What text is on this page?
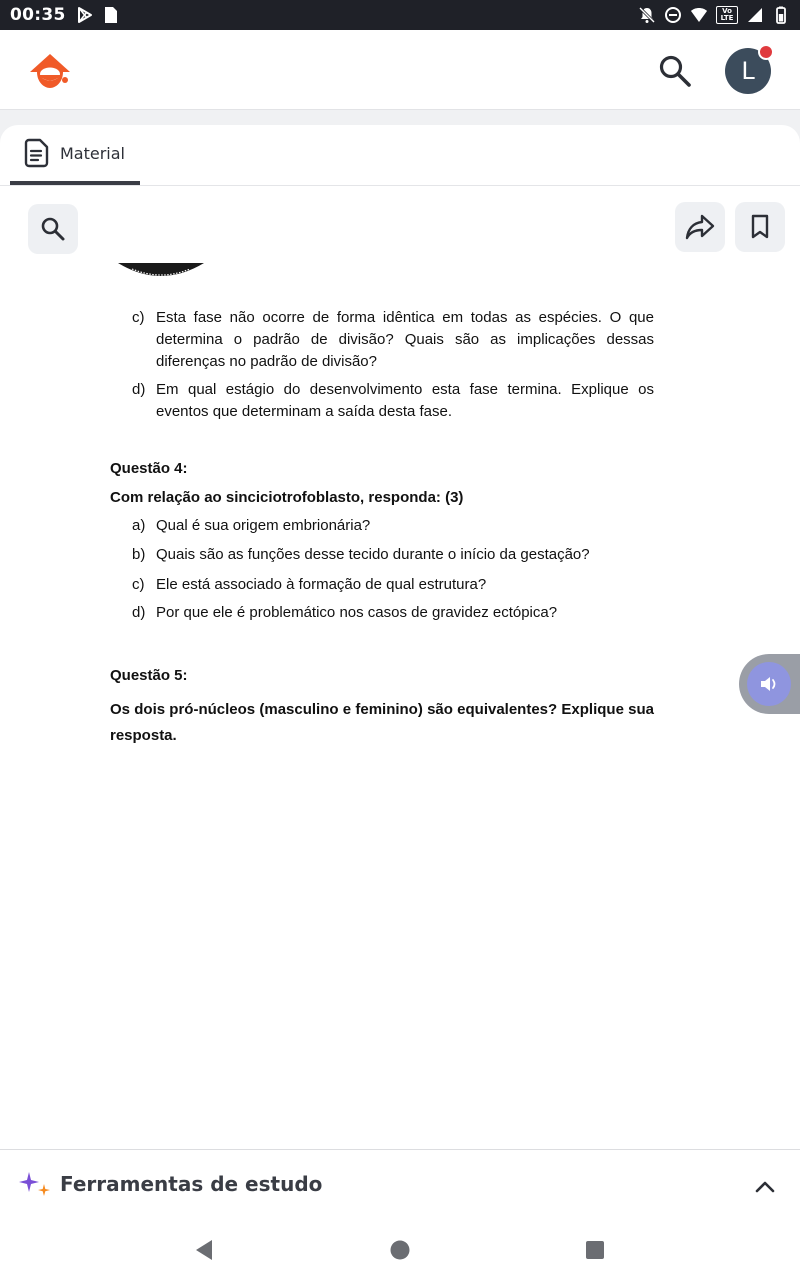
00:35	Vo LTE
L
Material
c) Esta fase não ocorre de forma idêntica em todas as espécies. O que determina o padrão de divisão? Quais são as implicações dessas diferenças no padrão de divisão?
d) Em qual estágio do desenvolvimento esta fase termina. Explique os eventos que determinam a saída desta fase.
Questão 4:
Com relação ao sinciciotrofoblasto, responda: (3)
a) Qual é sua origem embrionária?
b) Quais são as funções desse tecido durante o início da gestação?
c) Ele está associado à formação de qual estrutura?
d) Por que ele é problemático nos casos de gravidez ectópica?
Questão 5:
Os dois pró-núcleos (masculino e feminino) são equivalentes? Explique sua resposta.
Ferramentas de estudo
